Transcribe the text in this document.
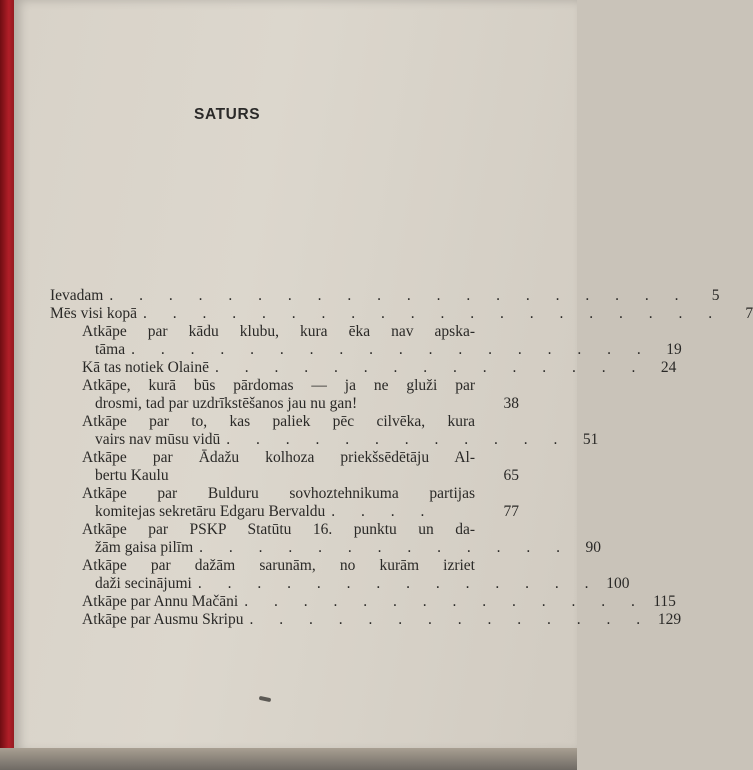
SATURS
Ievadam . . . . . . . . . . . . . . . . . . . .	5
Mēs visi kopā . . . . . . . . . . . . . . . . . . . .	7
Atkāpe par kādu klubu, kura ēka nav apska-
tāma . . . . . . . . . . . . . . . . . . 19
Kā tas notiek Olainē . . . . . . . . . . . . . . . 24
Atkāpe, kurā būs pārdomas — ja ne gluži par
drosmi, tad par uzdrīkstēšanos jau nu gan!	38
Atkāpe par to, kas paliek pēc cilvēka, kura
vairs nav mūsu vidū . . . . . . . . . . . . 51
Atkāpe par Ādažu kolhoza priekšsēdētāju Al-
bertu Kaulu	65
Atkāpe par Bulduru sovhoztehnikuma partijas
komitejas sekretāru Edgaru Bervaldu . . . .	77
Atkāpe par PSKP Statūtu 16. punktu un da-
žām gaisa pilīm . . . . . . . . . . . . . 90
Atkāpe par dažām sarunām, no kurām izriet
daži secinājumi . . . . . . . . . . . . . . 100
Atkāpe par Annu Mačāni . . . . . . . . . . . . . . 115
Atkāpe par Ausmu Skripu . . . . . . . . . . . . . . 129
